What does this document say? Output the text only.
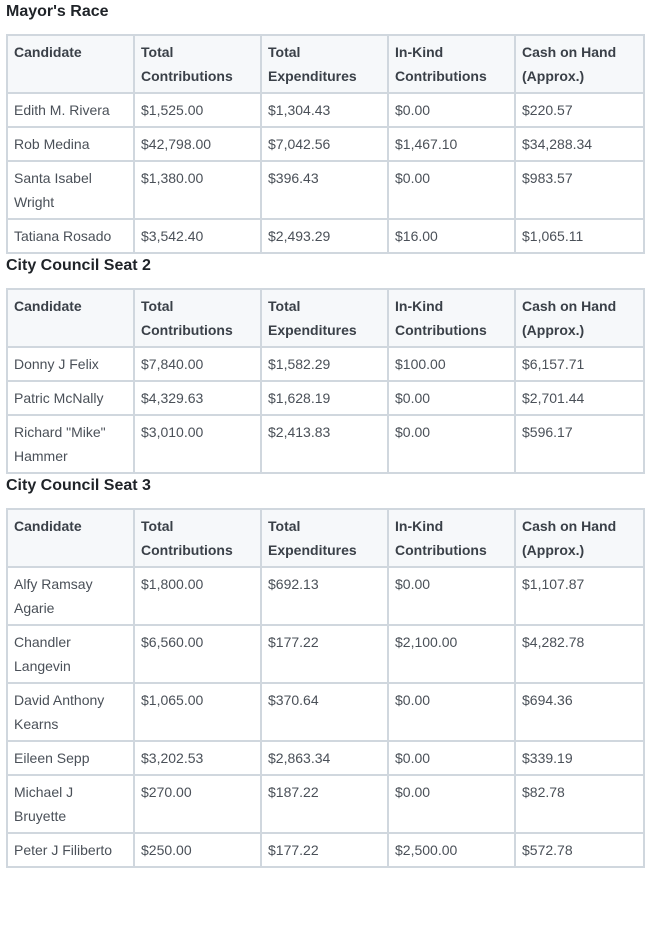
Mayor's Race
Candidate	Total Contributions	Total Expenditures	In-Kind Contributions	Cash on Hand (Approx.)
Edith M. Rivera	$1,525.00	$1,304.43	$0.00	$220.57
Rob Medina	$42,798.00	$7,042.56	$1,467.10	$34,288.34
Santa Isabel Wright	$1,380.00	$396.43	$0.00	$983.57
Tatiana Rosado	$3,542.40	$2,493.29	$16.00	$1,065.11
City Council Seat 2
Candidate	Total Contributions	Total Expenditures	In-Kind Contributions	Cash on Hand (Approx.)
Donny J Felix	$7,840.00	$1,582.29	$100.00	$6,157.71
Patric McNally	$4,329.63	$1,628.19	$0.00	$2,701.44
Richard "Mike" Hammer	$3,010.00	$2,413.83	$0.00	$596.17
City Council Seat 3
Candidate	Total Contributions	Total Expenditures	In-Kind Contributions	Cash on Hand (Approx.)
Alfy Ramsay Agarie	$1,800.00	$692.13	$0.00	$1,107.87
Chandler Langevin	$6,560.00	$177.22	$2,100.00	$4,282.78
David Anthony Kearns	$1,065.00	$370.64	$0.00	$694.36
Eileen Sepp	$3,202.53	$2,863.34	$0.00	$339.19
Michael J Bruyette	$270.00	$187.22	$0.00	$82.78
Peter J Filiberto	$250.00	$177.22	$2,500.00	$572.78
